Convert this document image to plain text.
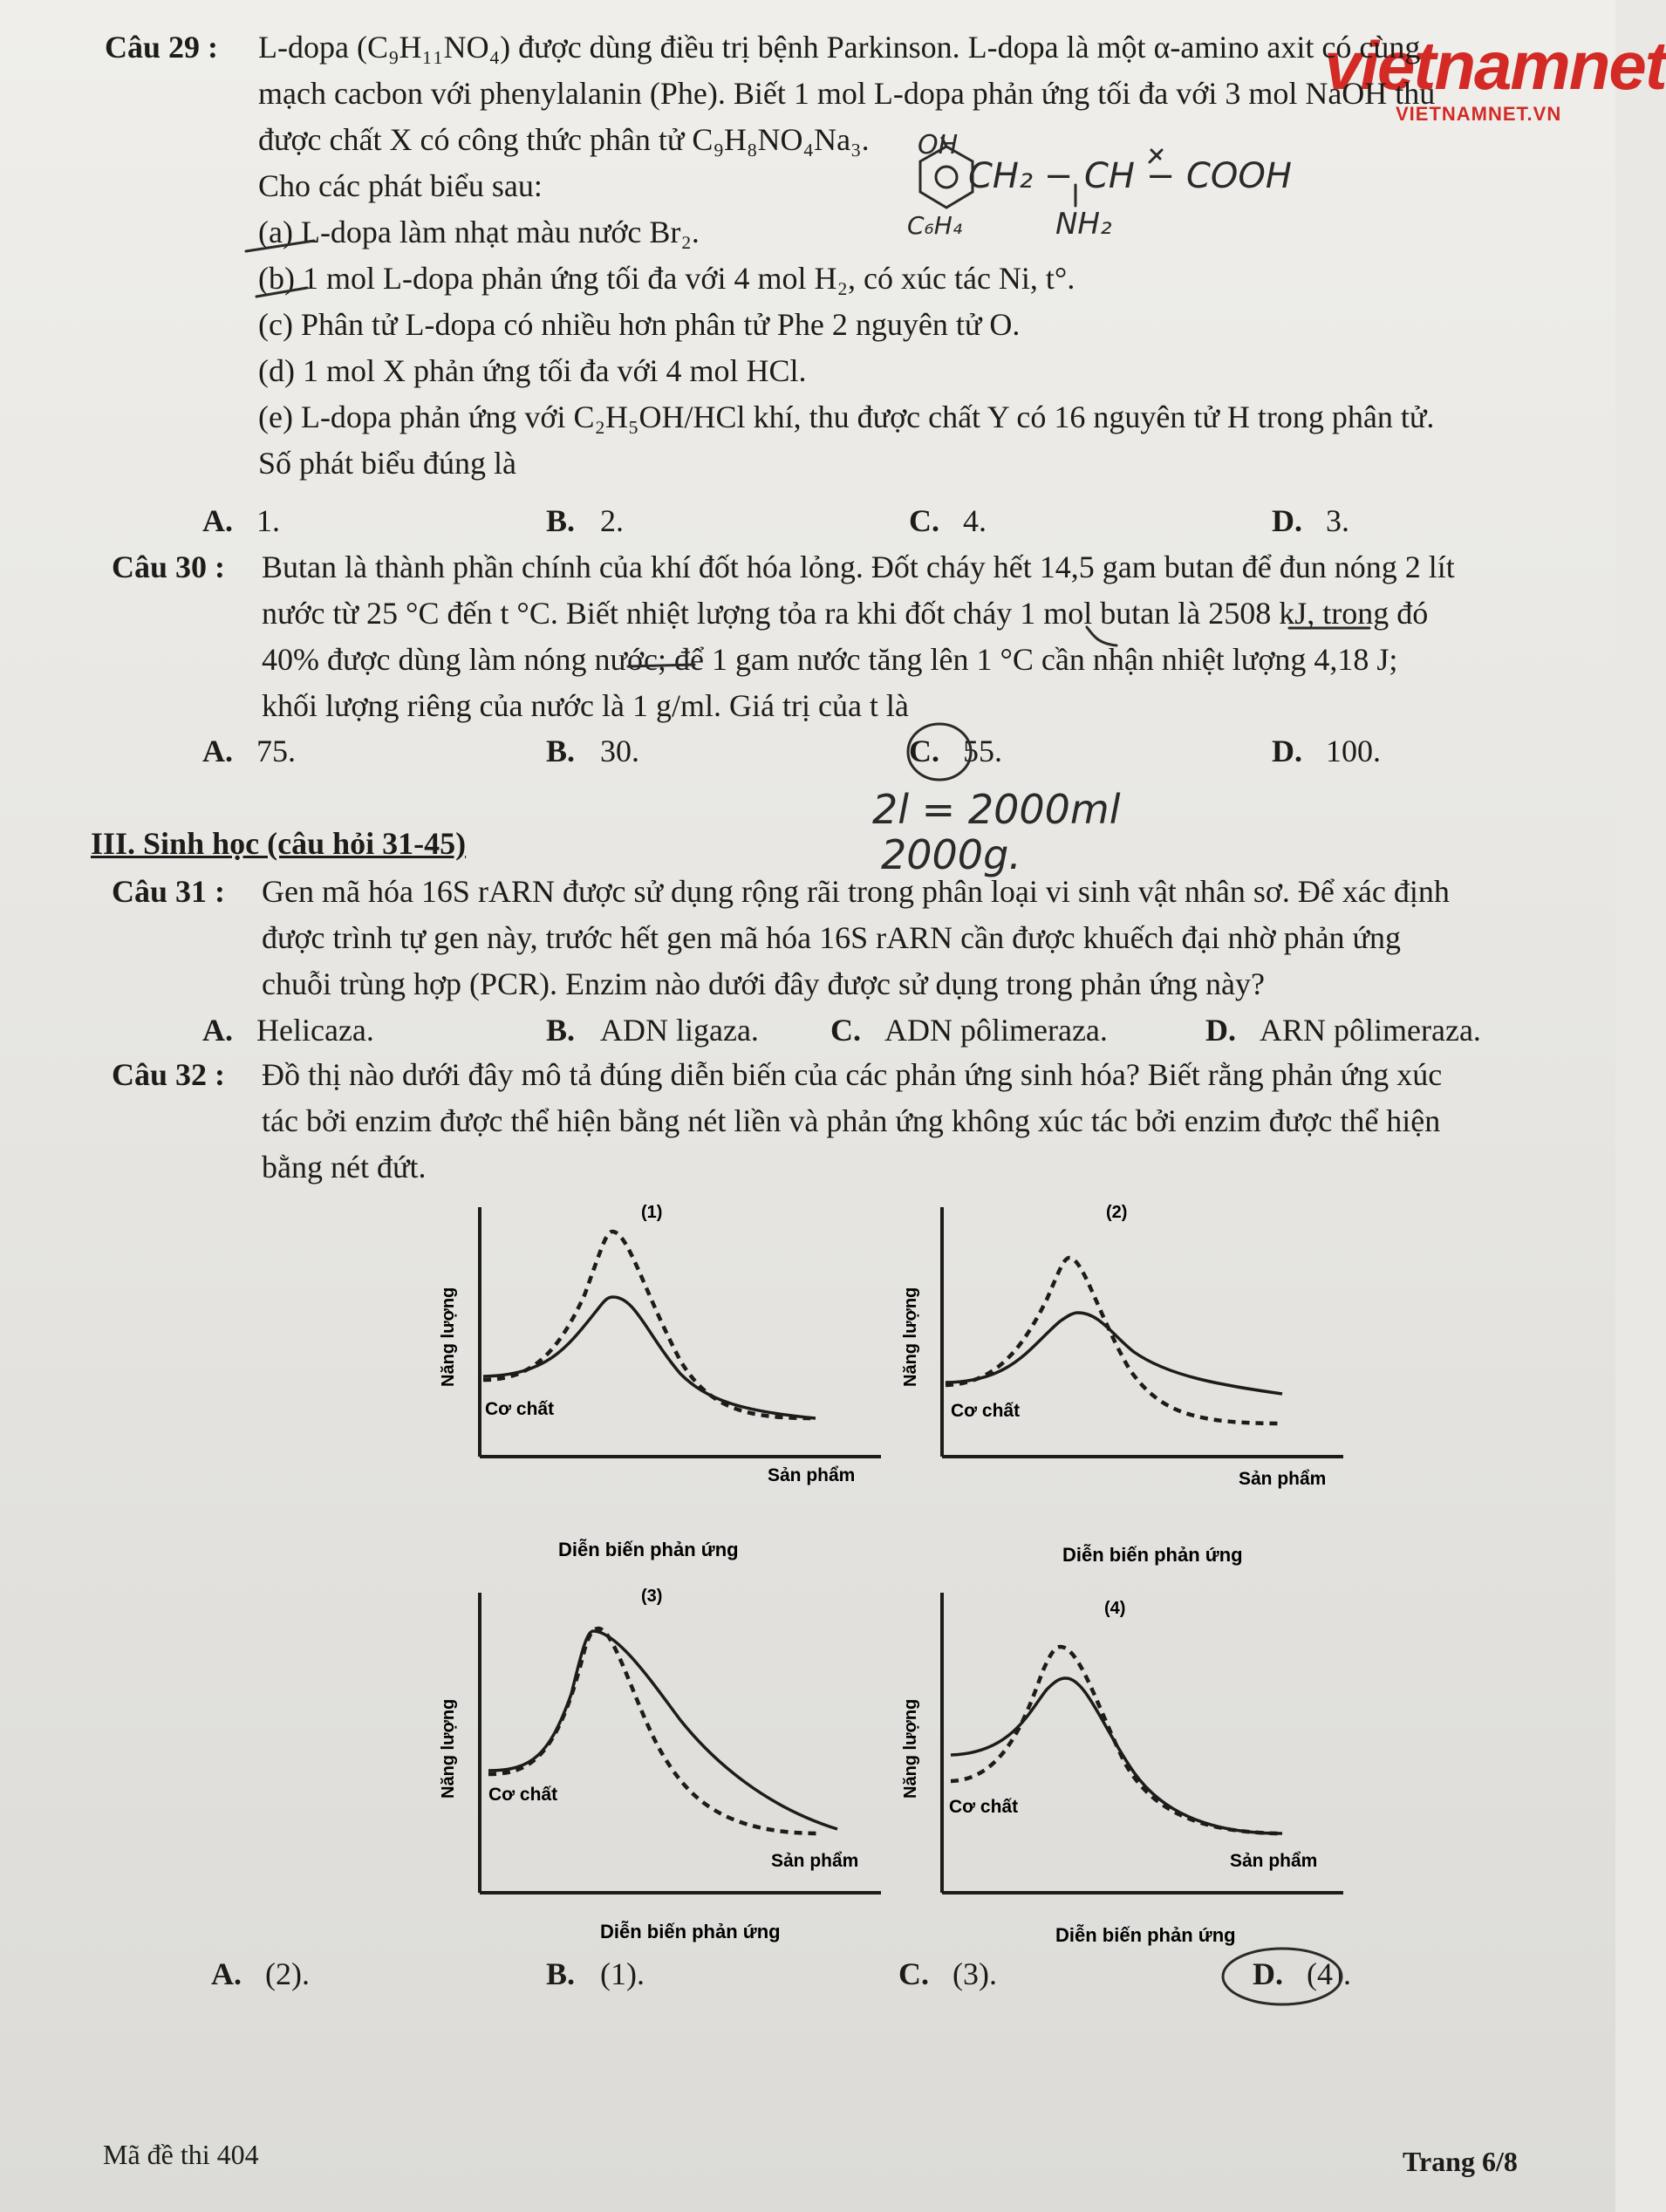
vietnamnet
VIETNAMNET.VN
Câu 29 : L-dopa (C₉H₁₁NO₄) được dùng điều trị bệnh Parkinson. L-dopa là một α-amino axit có cùng
mạch cacbon với phenylalanin (Phe). Biết 1 mol L-dopa phản ứng tối đa với 3 mol NaOH thu
được chất X có công thức phân tử C₉H₈NO₄Na₃.
Cho các phát biểu sau:
(a) L-dopa làm nhạt màu nước Br₂.
(b) 1 mol L-dopa phản ứng tối đa với 4 mol H₂, có xúc tác Ni, t°.
(c) Phân tử L-dopa có nhiều hơn phân tử Phe 2 nguyên tử O.
(d) 1 mol X phản ứng tối đa với 4 mol HCl.
(e) L-dopa phản ứng với C₂H₅OH/HCl khí, thu được chất Y có 16 nguyên tử H trong phân tử.
Số phát biểu đúng là
A. 1.	B. 2.	C. 4.	D. 3.
Câu 30 : Butan là thành phần chính của khí đốt hóa lỏng. Đốt cháy hết 14,5 gam butan để đun nóng 2 lít
nước từ 25 °C đến t °C. Biết nhiệt lượng tỏa ra khi đốt cháy 1 mol butan là 2508 kJ, trong đó
40% được dùng làm nóng nước; để 1 gam nước tăng lên 1 °C cần nhận nhiệt lượng 4,18 J;
khối lượng riêng của nước là 1 g/ml. Giá trị của t là
A. 75.	B. 30.	C. 55.	D. 100.
III. Sinh học (câu hỏi 31-45)
Câu 31 : Gen mã hóa 16S rARN được sử dụng rộng rãi trong phân loại vi sinh vật nhân sơ. Để xác định
được trình tự gen này, trước hết gen mã hóa 16S rARN cần được khuếch đại nhờ phản ứng
chuỗi trùng hợp (PCR). Enzim nào dưới đây được sử dụng trong phản ứng này?
A. Helicaza.	B. ADN ligaza. C. ADN pôlimeraza.	D. ARN pôlimeraza.
Câu 32 : Đồ thị nào dưới đây mô tả đúng diễn biến của các phản ứng sinh hóa? Biết rằng phản ứng xúc
tác bởi enzim được thể hiện bằng nét liền và phản ứng không xúc tác bởi enzim được thể hiện
bằng nét đứt.
(1)
Năng lượng
Diễn biến phản ứng
Cơ chất
Sản phẩm
(2)
Năng lượng
Diễn biến phản ứng
Cơ chất
Sản phẩm
(3)
Năng lượng
Diễn biến phản ứng
Cơ chất
Sản phẩm
(4)
Năng lượng
Diễn biến phản ứng
Cơ chất
Sản phẩm
A. (2).	B. (1).	C. (3).	D. (4).
OH
CH₂ − CH − COOH
NH₂
C₆H₄
2l = 2000ml
2000g.
Mã đề thi 404	Trang 6/8
